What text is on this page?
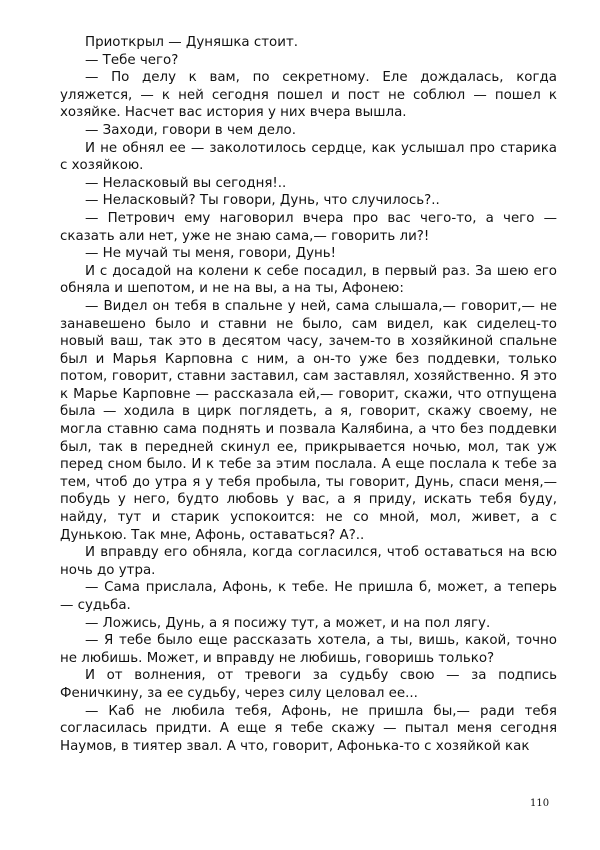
Приоткрыл — Дуняшка стоит.

— Тебе чего?

— По делу к вам, по секретному. Еле дождалась, когда уляжется, — к ней сегодня пошел и пост не соблюл — пошел к хозяйке. Насчет вас история у них вчера вышла.

— Заходи, говори в чем дело.

И не обнял ее — заколотилось сердце, как услышал про старика с хозяйкою.

— Неласковый вы сегодня!..

— Неласковый? Ты говори, Дунь, что случилось?..

— Петрович ему наговорил вчера про вас чего-то, а чего — сказать али нет, уже не знаю сама,— говорить ли?!

— Не мучай ты меня, говори, Дунь!

И с досадой на колени к себе посадил, в первый раз. За шею его обняла и шепотом, и не на вы, а на ты, Афонею:

— Видел он тебя в спальне у ней, сама слышала,— говорит,— не занавешено было и ставни не было, сам видел, как сиделец-то новый ваш, так это в десятом часу, зачем-то в хозяйкиной спальне был и Марья Карповна с ним, а он-то уже без поддевки, только потом, говорит, ставни заставил, сам заставлял, хозяйственно. Я это к Марье Карповне — рассказала ей,— говорит, скажи, что отпущена была — ходила в цирк поглядеть, а я, говорит, скажу своему, не могла ставню сама поднять и позвала Калябина, а что без поддевки был, так в передней скинул ее, прикрывается ночью, мол, так уж перед сном было. И к тебе за этим послала. А еще послала к тебе за тем, чтоб до утра я у тебя пробыла, ты говорит, Дунь, спаси меня,— побудь у него, будто любовь у вас, а я приду, искать тебя буду, найду, тут и старик успокоится: не со мной, мол, живет, а с Дунькою. Так мне, Афонь, оставаться? А?..

И вправду его обняла, когда согласился, чтоб оставаться на всю ночь до утра.

— Сама прислала, Афонь, к тебе. Не пришла б, может, а теперь — судьба.

— Ложись, Дунь, а я посижу тут, а может, и на пол лягу.

— Я тебе было еще рассказать хотела, а ты, вишь, какой, точно не любишь. Может, и вправду не любишь, говоришь только?

И от волнения, от тревоги за судьбу свою — за подпись Феничкину, за ее судьбу, через силу целовал ее...

— Каб не любила тебя, Афонь, не пришла бы,— ради тебя согласилась придти. А еще я тебе скажу — пытал меня сегодня Наумов, в тиятер звал. А что, говорит, Афонька-то с хозяйкой как

110
